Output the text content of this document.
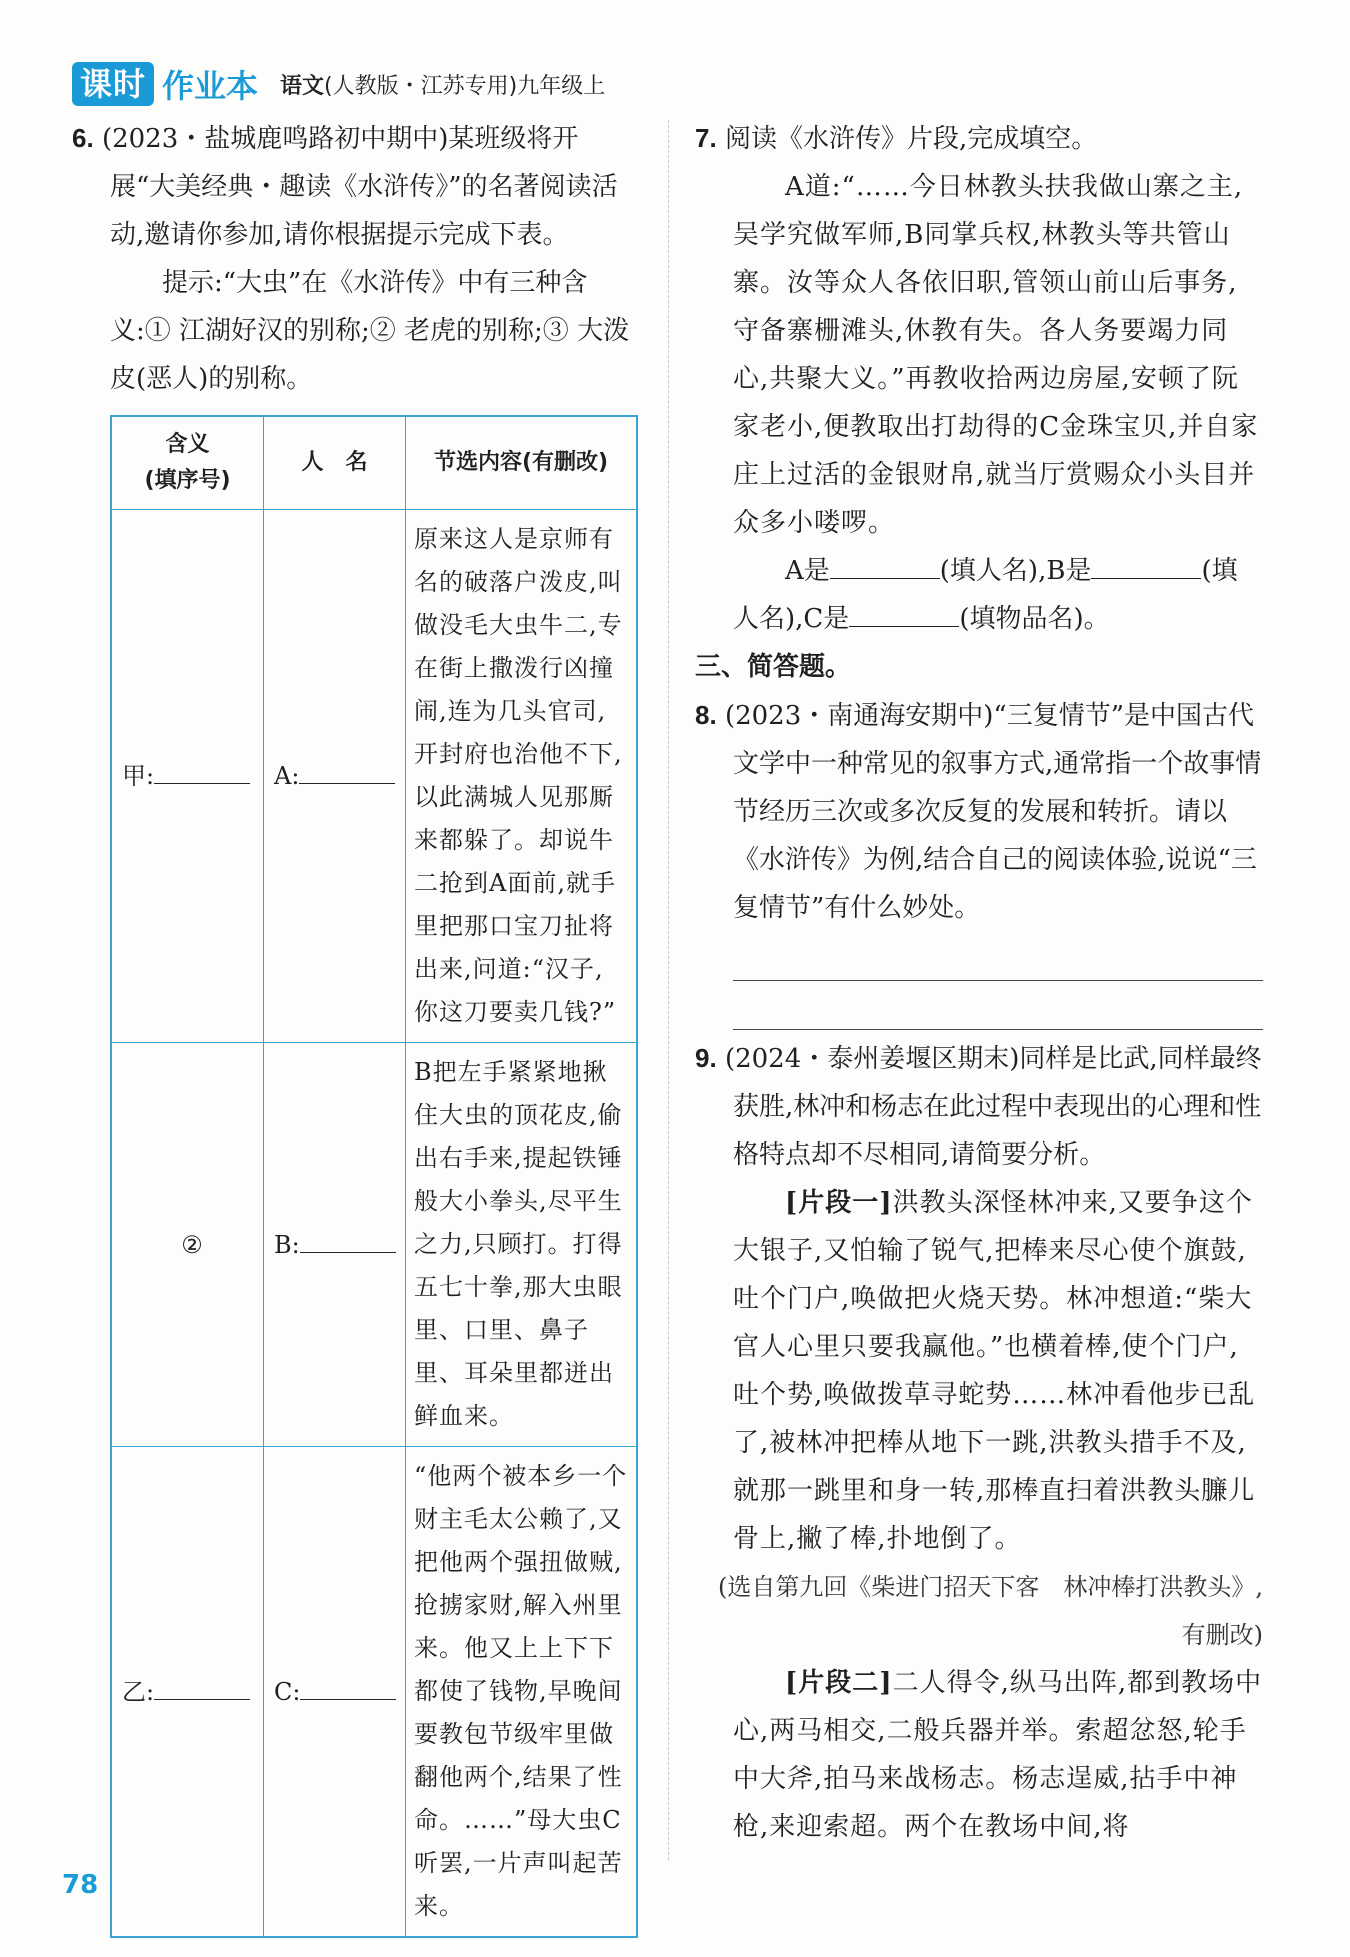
课时 作业本 语文(人教版・江苏专用)九年级上

6. (2023・盐城鹿鸣路初中期中)某班级将开展“大美经典・趣读《水浒传》”的名著阅读活动,邀请你参加,请你根据提示完成下表。

提示:“大虫”在《水浒传》中有三种含义:① 江湖好汉的别称;② 老虎的别称;③ 大泼皮(恶人)的别称。

含义
(填序号)	人　名	节选内容(有删改)
甲:	A:	原来这人是京师有名的破落户泼皮,叫做没毛大虫牛二,专在街上撒泼行凶撞闹,连为几头官司,开封府也治他不下,以此满城人见那厮来都躲了。却说牛二抢到A面前,就手里把那口宝刀扯将出来,问道:“汉子,你这刀要卖几钱?”
②	B:	B把左手紧紧地揪住大虫的顶花皮,偷出右手来,提起铁锤般大小拳头,尽平生之力,只顾打。打得五七十拳,那大虫眼里、口里、鼻子里、耳朵里都迸出鲜血来。
乙:	C:	“他两个被本乡一个财主毛太公赖了,又把他两个强扭做贼,抢掳家财,解入州里来。他又上上下下都使了钱物,早晚间要教包节级牢里做翻他两个,结果了性命。……”母大虫C听罢,一片声叫起苦来。

7. 阅读《水浒传》片段,完成填空。

A道:“……今日林教头扶我做山寨之主,吴学究做军师,B同掌兵权,林教头等共管山寨。汝等众人各依旧职,管领山前山后事务,守备寨栅滩头,休教有失。各人务要竭力同心,共聚大义。”再教收拾两边房屋,安顿了阮家老小,便教取出打劫得的C金珠宝贝,并自家庄上过活的金银财帛,就当厅赏赐众小头目并众多小喽啰。

A是	(填人名),B是	(填人名),C是	(填物品名)。

三、简答题。

8. (2023・南通海安期中)“三复情节”是中国古代文学中一种常见的叙事方式,通常指一个故事情节经历三次或多次反复的发展和转折。请以《水浒传》为例,结合自己的阅读体验,说说“三复情节”有什么妙处。

9. (2024・泰州姜堰区期末)同样是比武,同样最终获胜,林冲和杨志在此过程中表现出的心理和性格特点却不尽相同,请简要分析。

[片段一]洪教头深怪林冲来,又要争这个大银子,又怕输了锐气,把棒来尽心使个旗鼓,吐个门户,唤做把火烧天势。林冲想道:“柴大官人心里只要我赢他。”也横着棒,使个门户,吐个势,唤做拨草寻蛇势……林冲看他步已乱了,被林冲把棒从地下一跳,洪教头措手不及,就那一跳里和身一转,那棒直扫着洪教头臁儿骨上,撇了棒,扑地倒了。

(选自第九回《柴进门招天下客　林冲棒打洪教头》,有删改)

[片段二]二人得令,纵马出阵,都到教场中心,两马相交,二般兵器并举。索超忿怒,轮手中大斧,拍马来战杨志。杨志逞威,拈手中神枪,来迎索超。两个在教场中间,将

78
